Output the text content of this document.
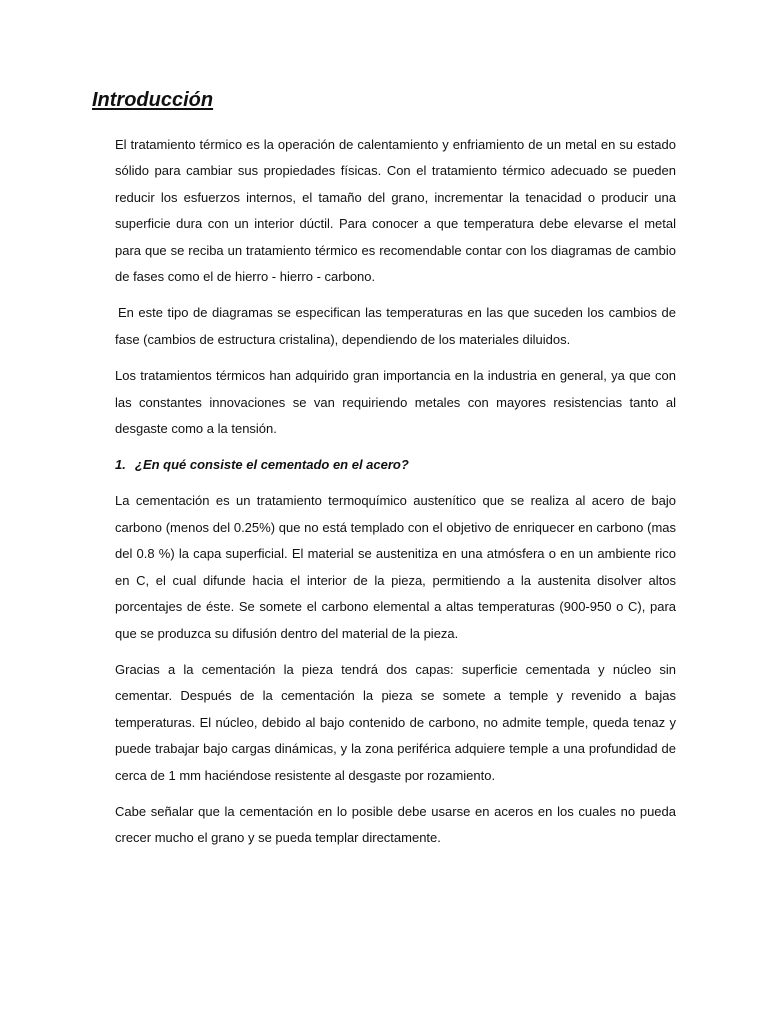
Introducción

El tratamiento térmico es la operación de calentamiento y enfriamiento de un metal en su estado sólido para cambiar sus propiedades físicas. Con el tratamiento térmico adecuado se pueden reducir los esfuerzos internos, el tamaño del grano, incrementar la tenacidad o producir una superficie dura con un interior dúctil. Para conocer a que temperatura debe elevarse el metal para que se reciba un tratamiento térmico es recomendable contar con los diagramas de cambio de fases como el de hierro - hierro - carbono.

En este tipo de diagramas se especifican las temperaturas en las que suceden los cambios de fase (cambios de estructura cristalina), dependiendo de los materiales diluidos.

Los tratamientos térmicos han adquirido gran importancia en la industria en general, ya que con las constantes innovaciones se van requiriendo metales con mayores resistencias tanto al desgaste como a la tensión.

1. ¿En qué consiste el cementado en el acero?

La cementación es un tratamiento termoquímico austenítico que se realiza al acero de bajo carbono (menos del 0.25%) que no está templado con el objetivo de enriquecer en carbono (mas del 0.8 %) la capa superficial. El material se austenitiza en una atmósfera o en un ambiente rico en C, el cual difunde hacia el interior de la pieza, permitiendo a la austenita disolver altos porcentajes de éste. Se somete el carbono elemental a altas temperaturas (900-950 o C), para que se produzca su difusión dentro del material de la pieza.

Gracias a la cementación la pieza tendrá dos capas: superficie cementada y núcleo sin cementar. Después de la cementación la pieza se somete a temple y revenido a bajas temperaturas. El núcleo, debido al bajo contenido de carbono, no admite temple, queda tenaz y puede trabajar bajo cargas dinámicas, y la zona periférica adquiere temple a una profundidad de cerca de 1 mm haciéndose resistente al desgaste por rozamiento.

Cabe señalar que la cementación en lo posible debe usarse en aceros en los cuales no pueda crecer mucho el grano y se pueda templar directamente.
